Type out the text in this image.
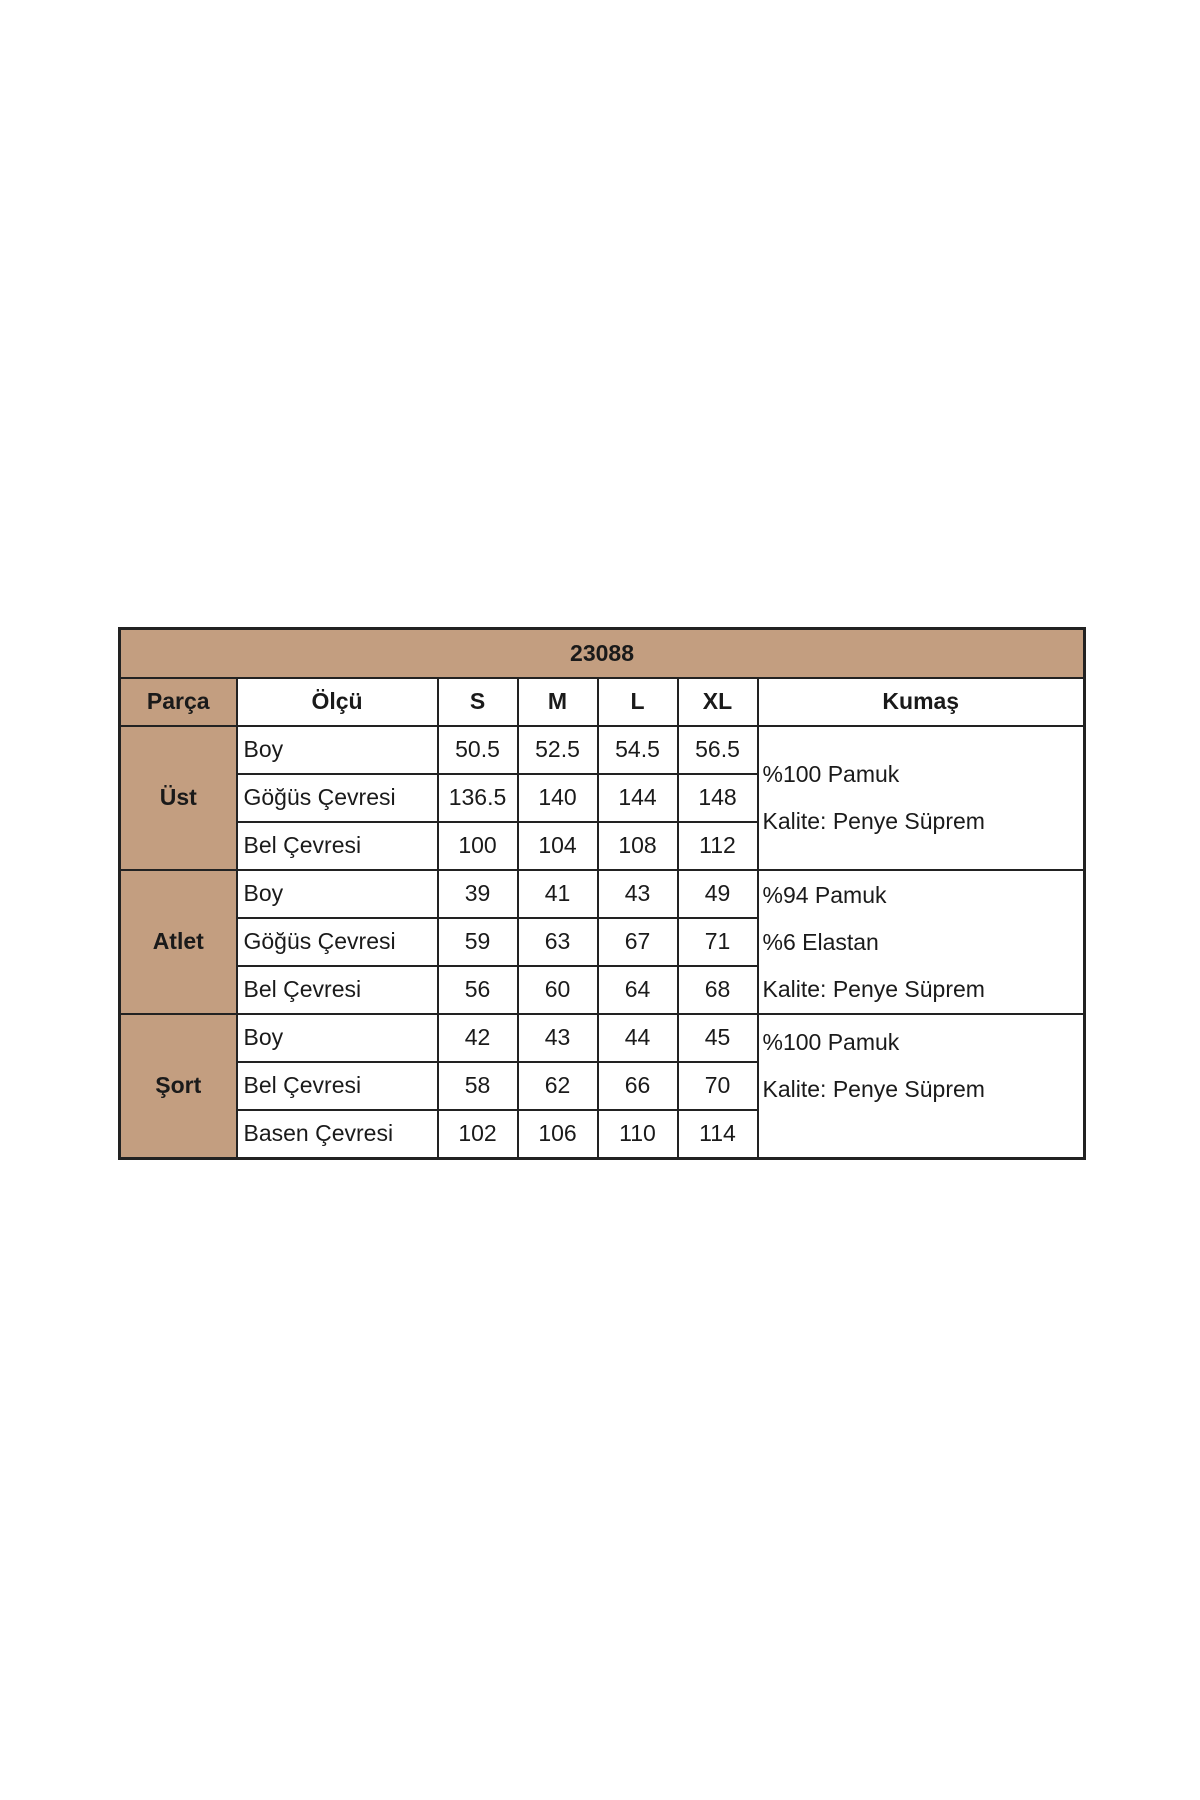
23088						
Parça	Ölçü	S	M	L	XL	Kumaş
Üst	Boy	50.5	52.5	54.5	56.5	%100 Pamuk
Kalite: Penye Süprem

	Göğüs Çevresi	136.5	140	144	148	
	Bel Çevresi	100	104	108	112	
Atlet	Boy	39	41	43	49	%94 Pamuk
%6 Elastan
Kalite: Penye Süprem

	Göğüs Çevresi	59	63	67	71	
	Bel Çevresi	56	60	64	68	
Şort	Boy	42	43	44	45	%100 Pamuk
Kalite: Penye Süprem

	Bel Çevresi	58	62	66	70	
	Basen Çevresi	102	106	110	114	
